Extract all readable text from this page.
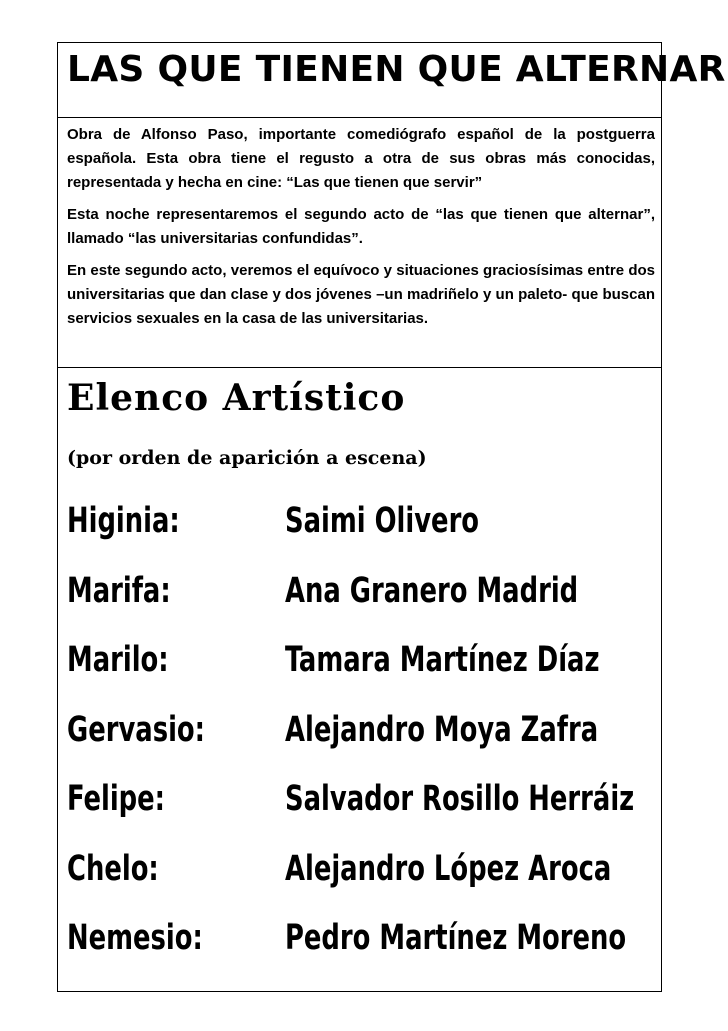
LAS QUE TIENEN QUE ALTERNAR

Obra de Alfonso Paso, importante comediógrafo español de la postguerra española. Esta obra tiene el regusto a otra de sus obras más conocidas, representada y hecha en cine: “Las que tienen que servir”

Esta noche representaremos el segundo acto de “las que tienen que alternar”, llamado “las universitarias confundidas”.

En este segundo acto, veremos el equívoco y situaciones graciosísimas entre dos universitarias que dan clase y dos jóvenes –un madriñelo y un paleto- que buscan servicios sexuales en la casa de las universitarias.

Elenco Artístico
(por orden de aparición a escena)
Higinia:	Saimi Olivero
Marifa:	Ana Granero Madrid
Marilo:	Tamara Martínez Díaz
Gervasio: Alejandro Moya Zafra
Felipe:	Salvador Rosillo Herráiz
Chelo:	Alejandro López Aroca
Nemesio: Pedro Martínez Moreno
